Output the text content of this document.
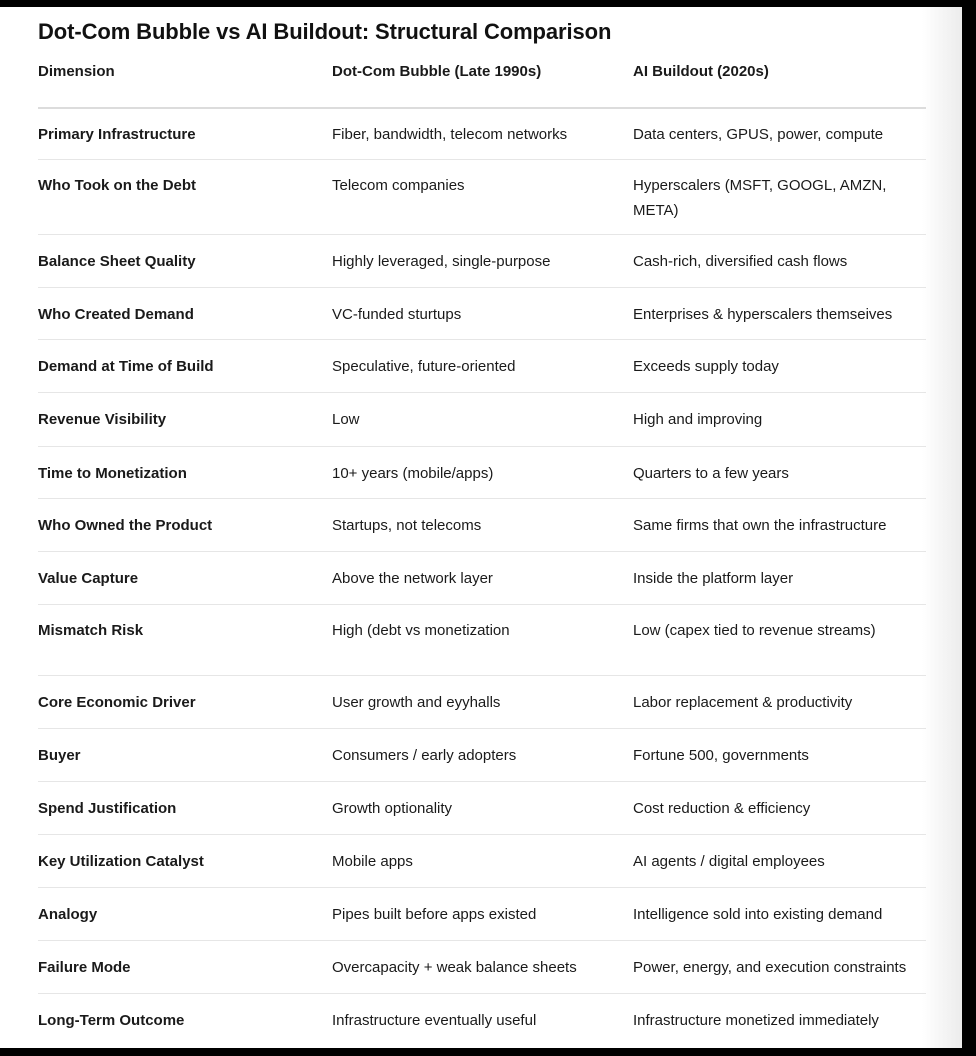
Dot-Com Bubble vs AI Buildout: Structural Comparison
Dimension	Dot-Com Bubble (Late 1990s)	AI Buildout (2020s)
Primary Infrastructure	Fiber, bandwidth, telecom networks	Data centers, GPUS, power, compute
Who Took on the Debt	Telecom companies	Hyperscalers (MSFT, GOOGL, AMZN, META)
Balance Sheet Quality	Highly leveraged, single-purpose	Cash-rich, diversified cash flows
Who Created Demand	VC-funded sturtups	Enterprises & hyperscalers themseives
Demand at Time of Build	Speculative, future-oriented	Exceeds supply today
Revenue Visibility	Low	High and improving
Time to Monetization	10+ years (mobile/apps)	Quarters to a few years
Who Owned the Product	Startups, not telecoms	Same firms that own the infrastructure
Value Capture	Above the network layer	Inside the platform layer
Mismatch Risk	High (debt vs monetization	Low (capex tied to revenue streams)
Core Economic Driver	User growth and eyyhalls	Labor replacement & productivity
Buyer	Consumers / early adopters	Fortune 500, governments
Spend Justification	Growth optionality	Cost reduction & efficiency
Key Utilization Catalyst	Mobile apps	AI agents / digital employees
Analogy	Pipes built before apps existed	Intelligence sold into existing demand
Failure Mode	Overcapacity + weak balance sheets	Power, energy, and execution constraints
Long-Term Outcome	Infrastructure eventually useful	Infrastructure monetized immediately
